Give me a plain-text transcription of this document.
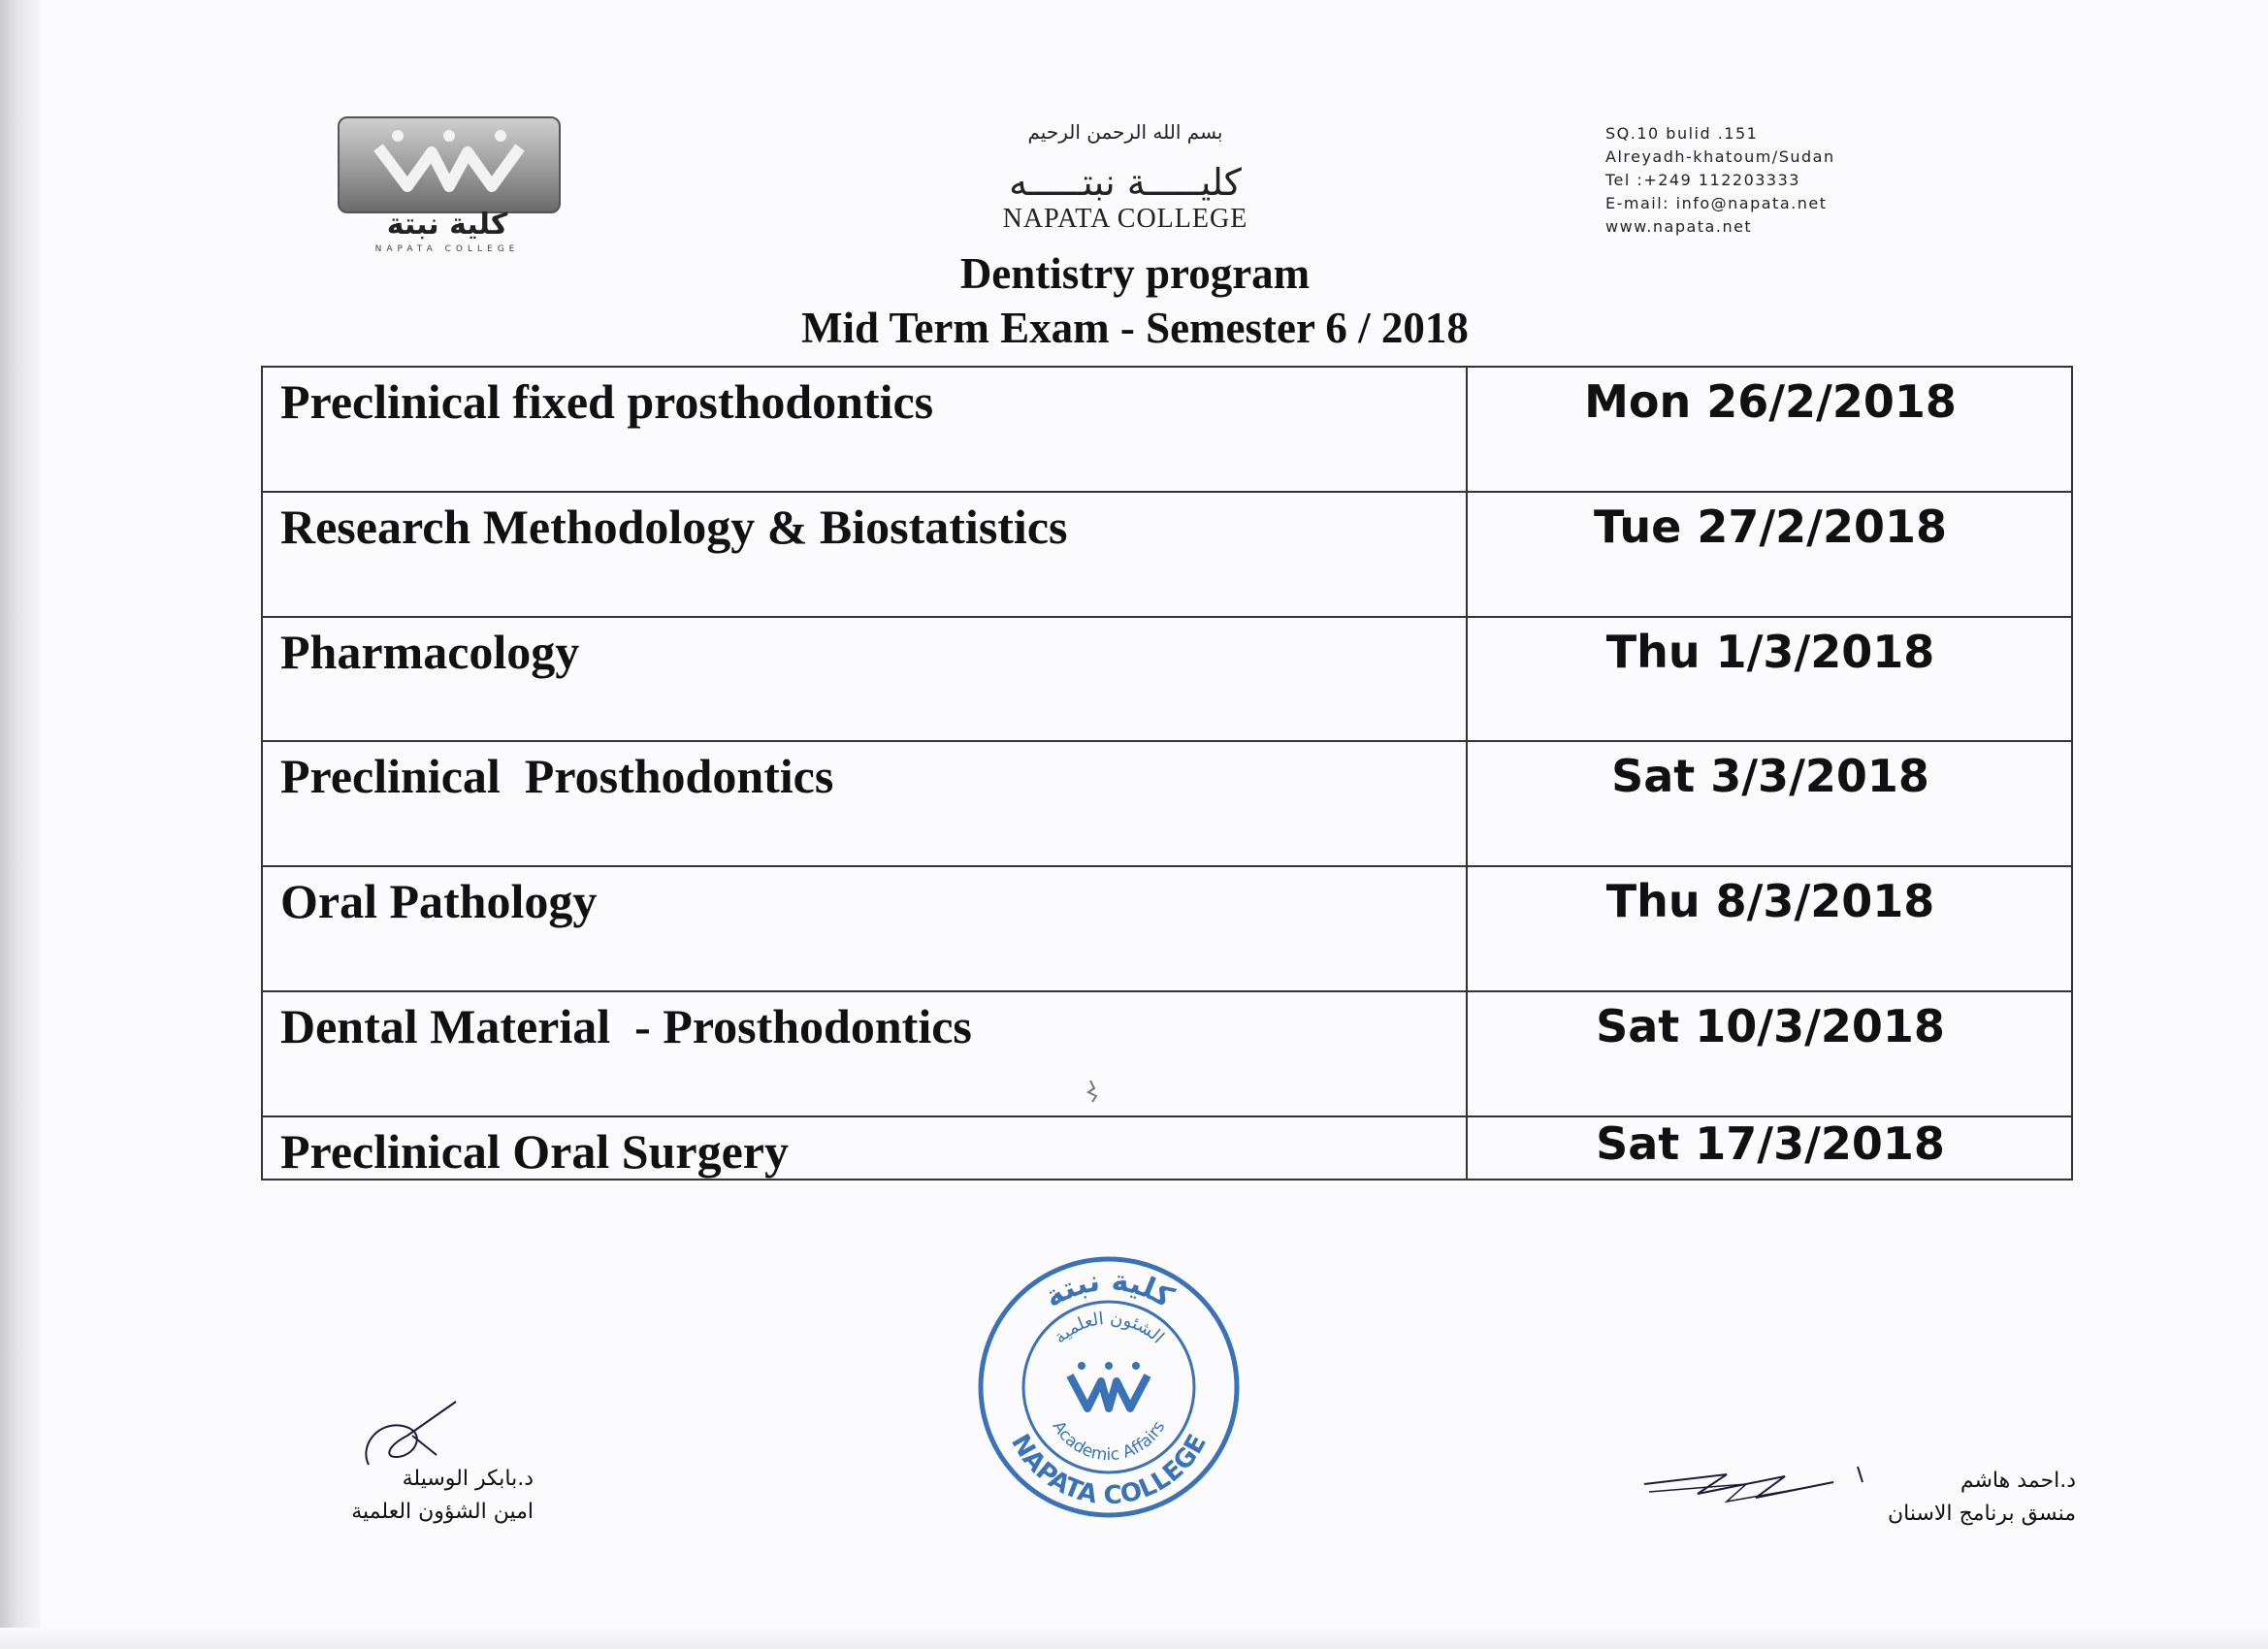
كلية نبتة
NAPATA COLLEGE
بسم الله الرحمن الرحيم
كليـــــة نبتـــــه
NAPATA COLLEGE
SQ.10 bulid .151
Alreyadh-khatoum/Sudan
Tel :+249 112203333
E-mail: info@napata.net
www.napata.net
Dentistry program
Mid Term Exam - Semester 6 / 2018
Preclinical fixed prosthodontics	Mon 26/2/2018
Research Methodology & Biostatistics	Tue 27/2/2018
Pharmacology	Thu 1/3/2018
Preclinical  Prosthodontics	Sat 3/3/2018
Oral Pathology	Thu 8/3/2018
Dental Material  - Prosthodontics	Sat 10/3/2018
Preclinical Oral Surgery	Sat 17/3/2018
كلية نبتة
NAPATA COLLEGE
الشئون العلمية
Academic Affairs
د.بابكر الوسيلة
امين الشؤون العلمية
د.احمد هاشم
منسق برنامج الاسنان
